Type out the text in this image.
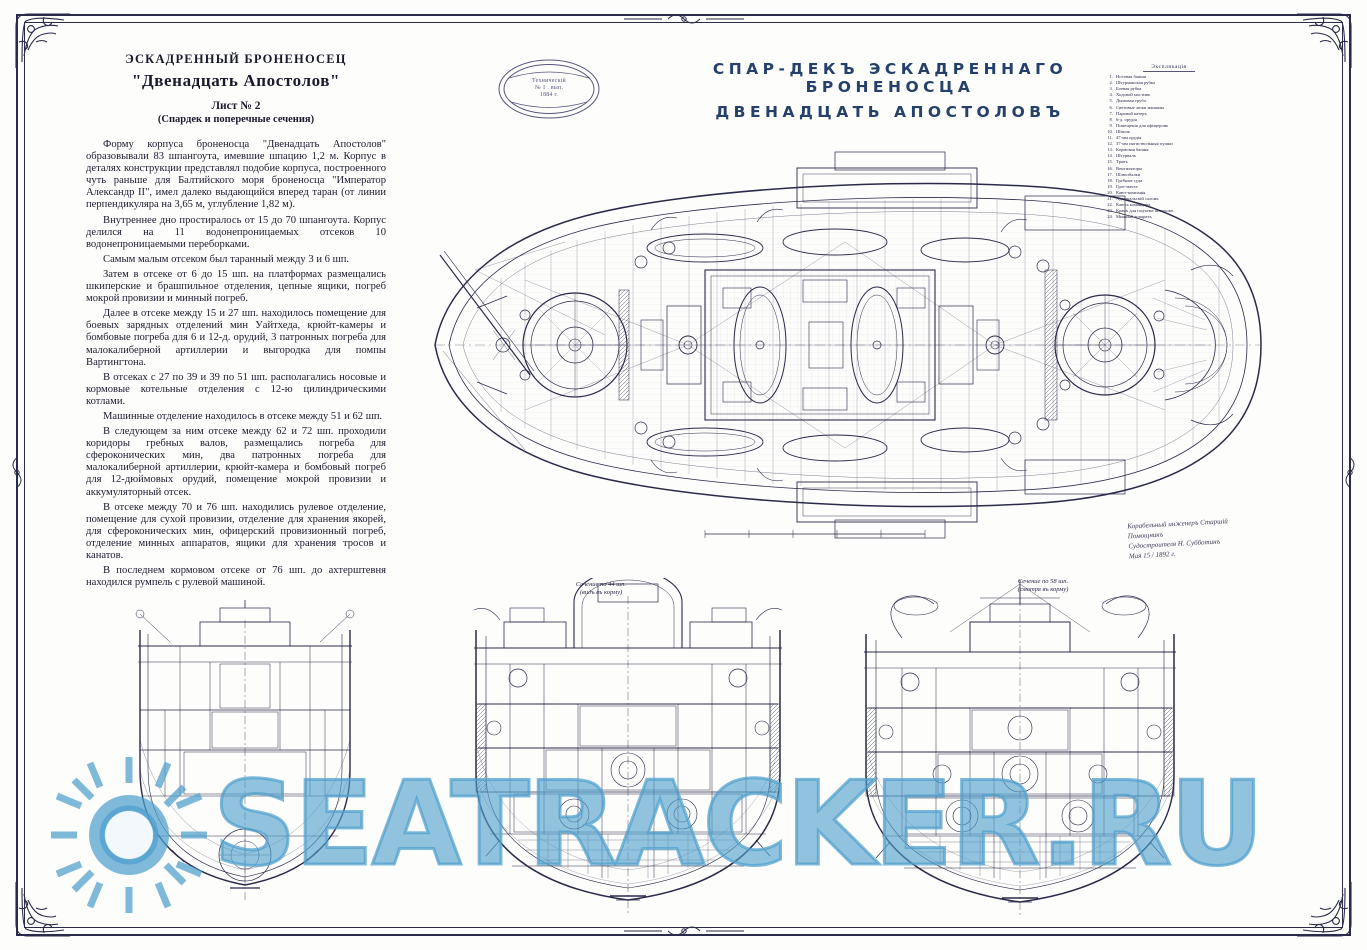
ЭСКАДРЕННЫЙ БРОНЕНОСЕЦ
"Двенадцать Апостолов"
Лист № 2
(Спардек и поперечные сечения)

Форму корпуса броненосца "Двенадцать Апостолов" образовывали 83 шпангоута, имевшие шпацию 1,2 м. Корпус в деталях конструкции представлял подобие корпуса, построенного чуть раньше для Балтийского моря броненосца "Император Александр II", имел далеко выдающийся вперед таран (от линии перпендикуляра на 3,65 м, углубление 1,82 м).

Внутреннее дно простиралось от 15 до 70 шпангоута. Корпус делился на 11 водонепроницаемых отсеков 10 водонепроницаемыми переборками.

Самым малым отсеком был таранный между 3 и 6 шп.

Затем в отсеке от 6 до 15 шп. на платформах размещались шкиперские и брашпильное отделения, цепные ящики, погреб мокрой провизии и минный погреб.

Далее в отсеке между 15 и 27 шп. находилось помещение для боевых зарядных отделений мин Уайтхеда, крюйт-камеры и бомбовые погреба для 6 и 12-д. орудий, 3 патронных погреба для малокалиберной артиллерии и выгородка для помпы Вартингтона.

В отсеках с 27 по 39 и 39 по 51 шп. располагались носовые и кормовые котельные отделения с 12-ю цилиндрическими котлами.

Машинные отделение находилось в отсеке между 51 и 62 шп.

В следующем за ним отсеке между 62 и 72 шп. проходили коридоры гребных валов, размещались погреба для сфероконических мин, два патронных погреба для малокалиберной артиллерии, крюйт-камера и бомбовый погреб для 12-дюймовых орудий, помещение мокрой провизии и аккумуляторный отсек.

В отсеке между 70 и 76 шп. находились рулевое отделение, помещение для сухой провизии, отделение для хранения якорей, для сфероконических мин, офицерский провизионный погреб, отделение минных аппаратов, ящики для хранения тросов и канатов.

В последнем кормовом отсеке от 76 шп. до ахтерштевня находился румпель с рулевой машиной.

СПАР-ДЕКЪ ЭСКАДРЕННАГО БРОНЕНОСЦА
ДВЕНАДЦАТЬ АПОСТОЛОВЪ
Техническій
№ 1 . вып.
1884 г.
Экспликація
1. Носовая башня
2. Штурманская рубка
3. Боевая рубка
4. Ходовой мостикъ
5. Дымовая труба
6. Световые люки машины
7. Паровой катеръ
8. 6-д. орудія
9. Помещенія для офицеровъ
10. Шпиль
11. 47-мм орудія
12. 37-мм пятиствольныя пушки
13. Кормовая башня
14. Штурвалъ
15. Трапъ
16. Вентиляторы
17. Шлюпбалки
18. Гребные суда
19. Грот-мачта
20. Кают-компанія
21. Адмиральскій салонъ
22. Каюта командира
23. Кранъ для подъема шлюпокъ
24. Минный аппаратъ
Корабельный инженеръ Старшій Помощникъ
Судостроителя Н. Субботинъ
Мая 15 / 1892 г.
Сечение по 44 шп.
(видъ въ корму)
Сечение по 58 шп.
(смотря въ корму)
SEATRACKER.RU
